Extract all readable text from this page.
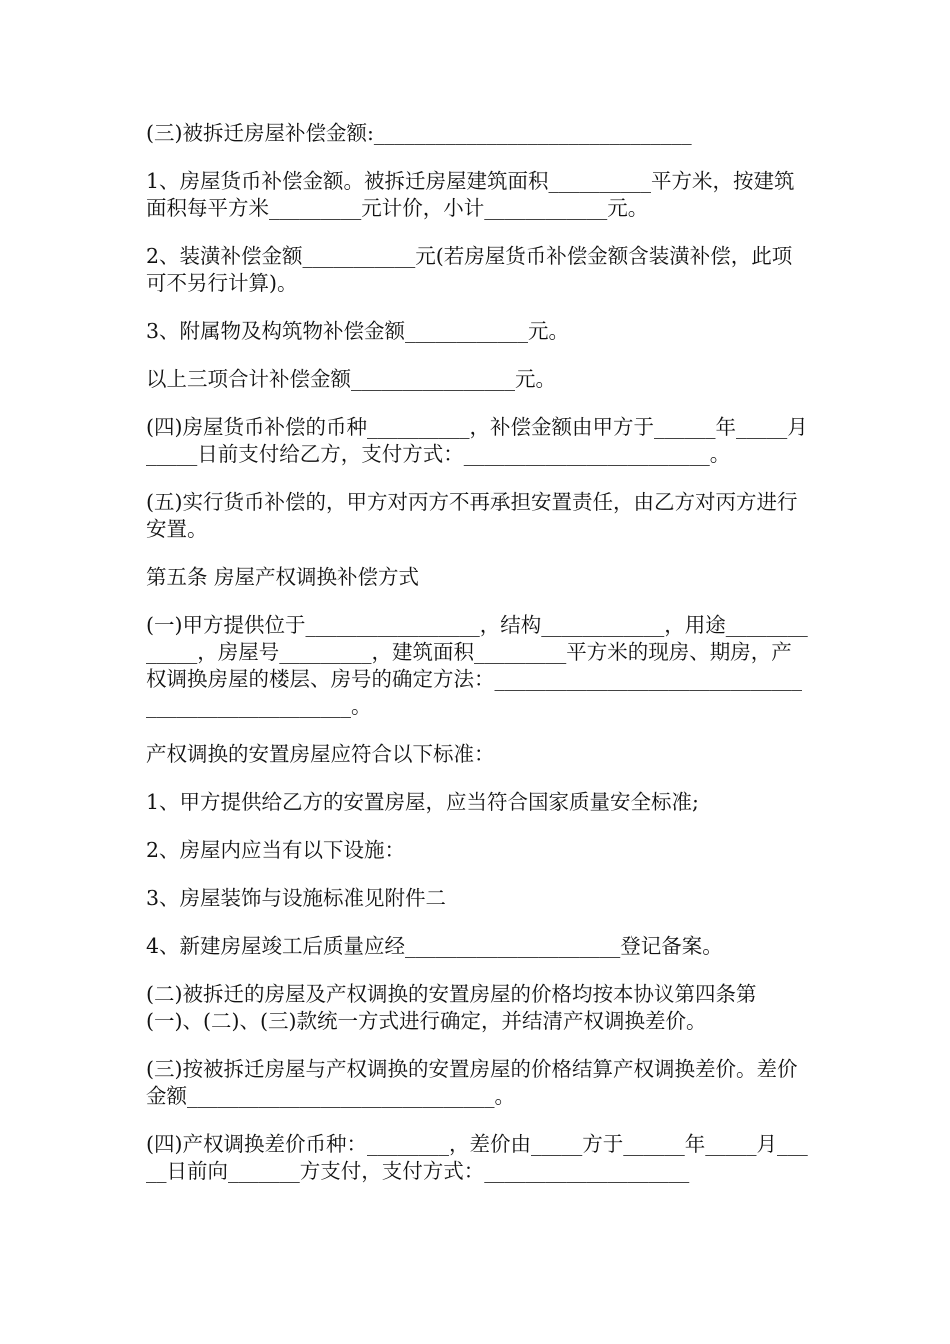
(三)被拆迁房屋补偿金额:_______________________________

1、房屋货币补偿金额。被拆迁房屋建筑面积__________平方米，按建筑面积每平方米_________元计价，小计____________元。

2、装潢补偿金额___________元(若房屋货币补偿金额含装潢补偿，此项可不另行计算)。

3、附属物及构筑物补偿金额____________元。

以上三项合计补偿金额________________元。

(四)房屋货币补偿的币种__________，补偿金额由甲方于______年_____月_____日前支付给乙方，支付方式：________________________。

(五)实行货币补偿的，甲方对丙方不再承担安置责任，由乙方对丙方进行安置。

第五条 房屋产权调换补偿方式

(一)甲方提供位于_________________，结构____________，用途_____________，房屋号_________，建筑面积_________平方米的现房、期房，产权调换房屋的楼层、房号的确定方法：__________________________________________________。

产权调换的安置房屋应符合以下标准：

1、甲方提供给乙方的安置房屋，应当符合国家质量安全标准;

2、房屋内应当有以下设施：

3、房屋装饰与设施标准见附件二

4、新建房屋竣工后质量应经_____________________登记备案。

(二)被拆迁的房屋及产权调换的安置房屋的价格均按本协议第四条第(一)、(二)、(三)款统一方式进行确定，并结清产权调换差价。

(三)按被拆迁房屋与产权调换的安置房屋的价格结算产权调换差价。差价金额______________________________。

(四)产权调换差价币种：________，差价由_____方于______年_____月_____日前向_______方支付，支付方式：____________________
